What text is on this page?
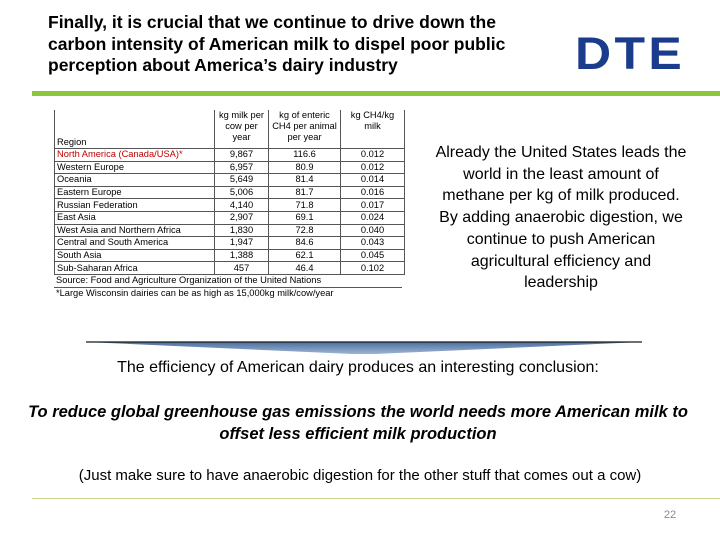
Finally, it is crucial that we continue to drive down the carbon intensity of American milk to dispel poor public perception about America’s dairy industry	DTE
Region	kg milk per cow per year	kg of enteric CH4 per animal per year	kg CH4/kg milk
North America (Canada/USA)*	9,867	116.6	0.012
Western Europe	6,957	80.9	0.012
Oceania	5,649	81.4	0.014
Eastern Europe	5,006	81.7	0.016
Russian Federation	4,140	71.8	0.017
East Asia	2,907	69.1	0.024
West Asia and Northern Africa	1,830	72.8	0.040
Central and South America	1,947	84.6	0.043
South Asia	1,388	62.1	0.045
Sub-Saharan Africa	457	46.4	0.102
Source: Food and Agriculture Organization of the United Nations
*Large Wisconsin dairies can be as high as 15,000kg milk/cow/year
Already the United States leads the world in the least amount of methane per kg of milk produced. By adding anaerobic digestion, we continue to push American agricultural efficiency and leadership
The efficiency of American dairy produces an interesting conclusion:
To reduce global greenhouse gas emissions the world needs more American milk to offset less efficient milk production
(Just make sure to have anaerobic digestion for the other stuff that comes out a cow)
22
